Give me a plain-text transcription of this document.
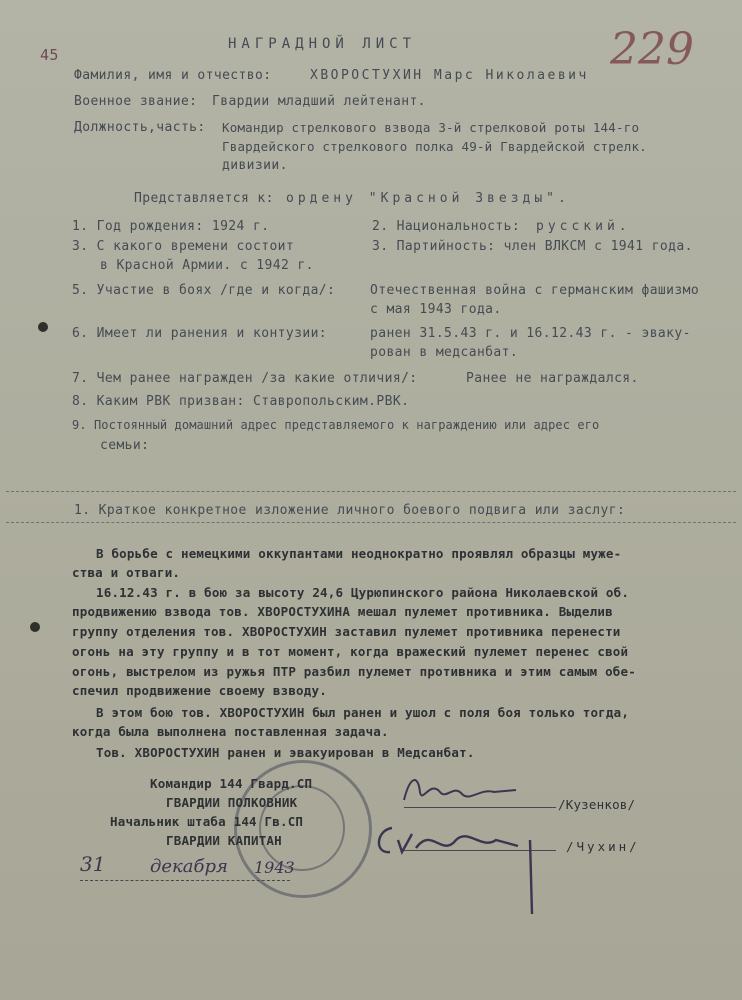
45	229
НАГРАДНОЙ ЛИСТ
Фамилия, имя и отчество:	ХВОРОСТУХИН Марс Николаевич
Военное звание: Гвардии младший лейтенант.
Должность,часть: Командир стрелкового взвода 3-й стрелковой роты 144-го
Гвардейского стрелкового полка 49-й Гвардейской стрелк.
дивизии.
Представляется к: ордену "Красной Звезды".
1. Год рождения: 1924 г.	2. Национальность: русский.
3. С какого времени состоит	3. Партийность: член ВЛКСМ с 1941 года.
в Красной Армии. с 1942 г.
5. Участие в боях /где и когда/:	Отечественная война с германским фашизмо
с мая 1943 года.
6. Имеет ли ранения и контузии:	ранен 31.5.43 г. и 16.12.43 г. - эваку-
рован в медсанбат.
7. Чем ранее награжден /за какие отличия/:	Ранее не награждался.
8. Каким РВК призван: Ставропольским.РВК.
9. Постоянный домашний адрес представляемого к награждению или адрес его
семьи:
1. Краткое конкретное изложение личного боевого подвига или заслуг:
В борьбе с немецкими оккупантами неоднократно проявлял образцы муже-
ства и отваги.
16.12.43 г. в бою за высоту 24,6 Цурюпинского района Николаевской об.
продвижению взвода тов. ХВОРОСТУХИНА мешал пулемет противника. Выделив
группу отделения тов. ХВОРОСТУХИН заставил пулемет противника перенести
огонь на эту группу и в тот момент, когда вражеский пулемет перенес свой
огонь, выстрелом из ружья ПТР разбил пулемет противника и этим самым обе-
спечил продвижение своему взводу.
В этом бою тов. ХВОРОСТУХИН был ранен и ушол с поля боя только тогда,
когда была выполнена поставленная задача.
Тов. ХВОРОСТУХИН ранен и эвакуирован в Медсанбат.
Командир 144 Гвард.СП
ГВАРДИИ ПОЛКОВНИК	/Кузенков/
Начальник штаба 144 Гв.СП
ГВАРДИИ КАПИТАН	/Чухин/
31 декабря 1943
